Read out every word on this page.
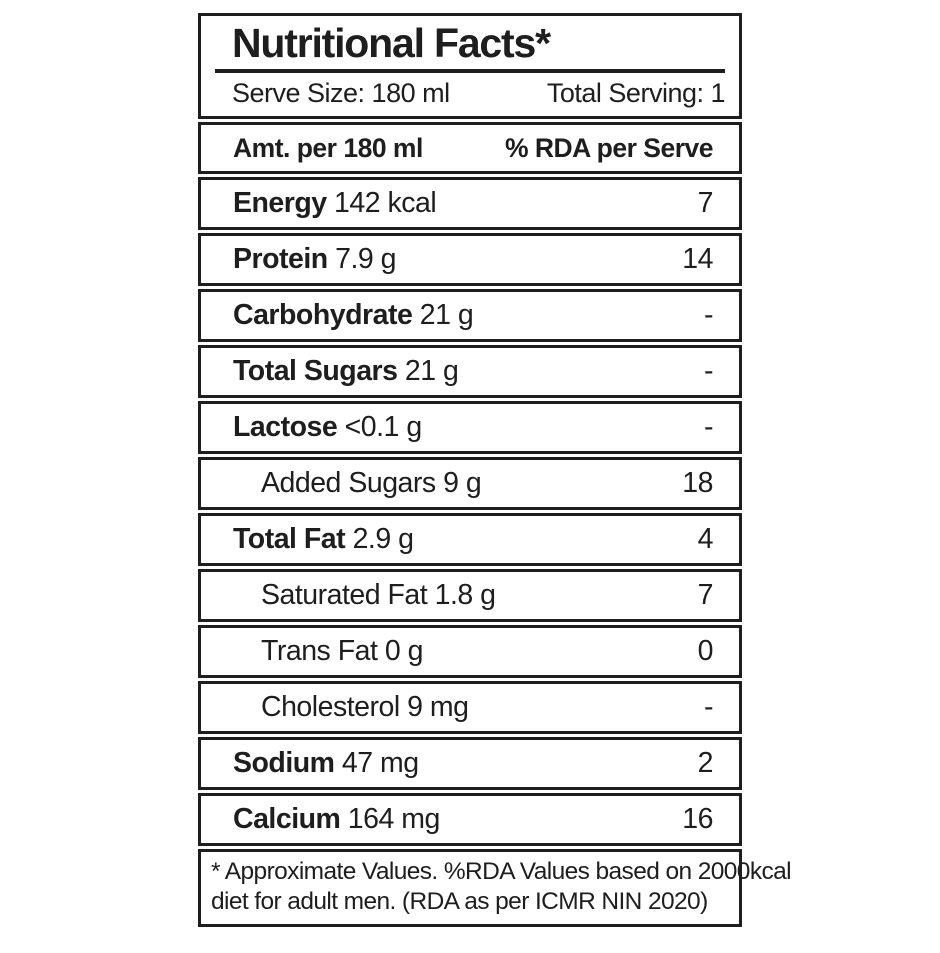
Nutritional Facts*
Serve Size: 180 ml	Total Serving: 1
Amt. per 180 ml	% RDA per Serve
Energy 142 kcal	7
Protein 7.9 g	14
Carbohydrate 21 g	-
Total Sugars 21 g	-
Lactose <0.1 g	-
Added Sugars 9 g	18
Total Fat 2.9 g	4
Saturated Fat 1.8 g	7
Trans Fat 0 g	0
Cholesterol 9 mg	-
Sodium 47 mg	2
Calcium 164 mg	16
* Approximate Values. %RDA Values based on 2000kcal
diet for adult men. (RDA as per ICMR NIN 2020)
